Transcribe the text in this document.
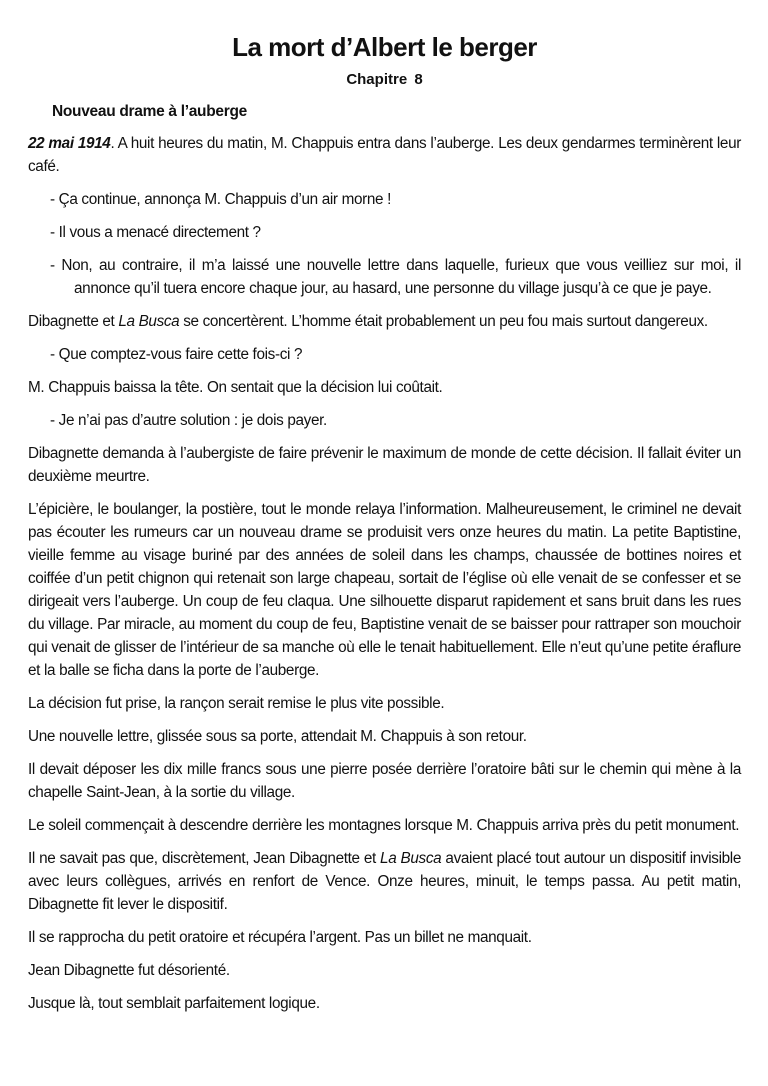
La mort d’Albert le berger
Chapitre 8
Nouveau drame à l’auberge

22 mai 1914. A huit heures du matin, M. Chappuis entra dans l’auberge. Les deux gendarmes terminèrent leur café.

- Ça continue, annonça M. Chappuis d’un air morne !

- Il vous a menacé directement ?

- Non, au contraire, il m’a laissé une nouvelle lettre dans laquelle, furieux que vous veilliez sur moi, il annonce qu’il tuera encore chaque jour, au hasard, une personne du village jusqu’à ce que je paye.

Dibagnette et La Busca se concertèrent. L’homme était probablement un peu fou mais surtout dangereux.

- Que comptez-vous faire cette fois-ci ?

M. Chappuis baissa la tête. On sentait que la décision lui coûtait.

- Je n’ai pas d’autre solution : je dois payer.

Dibagnette demanda à l’aubergiste de faire prévenir le maximum de monde de cette décision. Il fallait éviter un deuxième meurtre.

L’épicière, le boulanger, la postière, tout le monde relaya l’information. Malheureusement, le criminel ne devait pas écouter les rumeurs car un nouveau drame se produisit vers onze heures du matin. La petite Baptistine, vieille femme au visage buriné par des années de soleil dans les champs, chaussée de bottines noires et coiffée d’un petit chignon qui retenait son large chapeau, sortait de l’église où elle venait de se confesser et se dirigeait vers l’auberge. Un coup de feu claqua. Une silhouette disparut rapidement et sans bruit dans les rues du village. Par miracle, au moment du coup de feu, Baptistine venait de se baisser pour rattraper son mouchoir qui venait de glisser de l’intérieur de sa manche où elle le tenait habituellement. Elle n’eut qu’une petite éraflure et la balle se ficha dans la porte de l’auberge.

La décision fut prise, la rançon serait remise le plus vite possible.

Une nouvelle lettre, glissée sous sa porte, attendait M. Chappuis à son retour.

Il devait déposer les dix mille francs sous une pierre posée derrière l’oratoire bâti sur le chemin qui mène à la chapelle Saint-Jean, à la sortie du village.

Le soleil commençait à descendre derrière les montagnes lorsque M. Chappuis arriva près du petit monument.

Il ne savait pas que, discrètement, Jean Dibagnette et La Busca avaient placé tout autour un dispositif invisible avec leurs collègues, arrivés en renfort de Vence. Onze heures, minuit, le temps passa. Au petit matin, Dibagnette fit lever le dispositif.

Il se rapprocha du petit oratoire et récupéra l’argent. Pas un billet ne manquait.

Jean Dibagnette fut désorienté.

Jusque là, tout semblait parfaitement logique.
